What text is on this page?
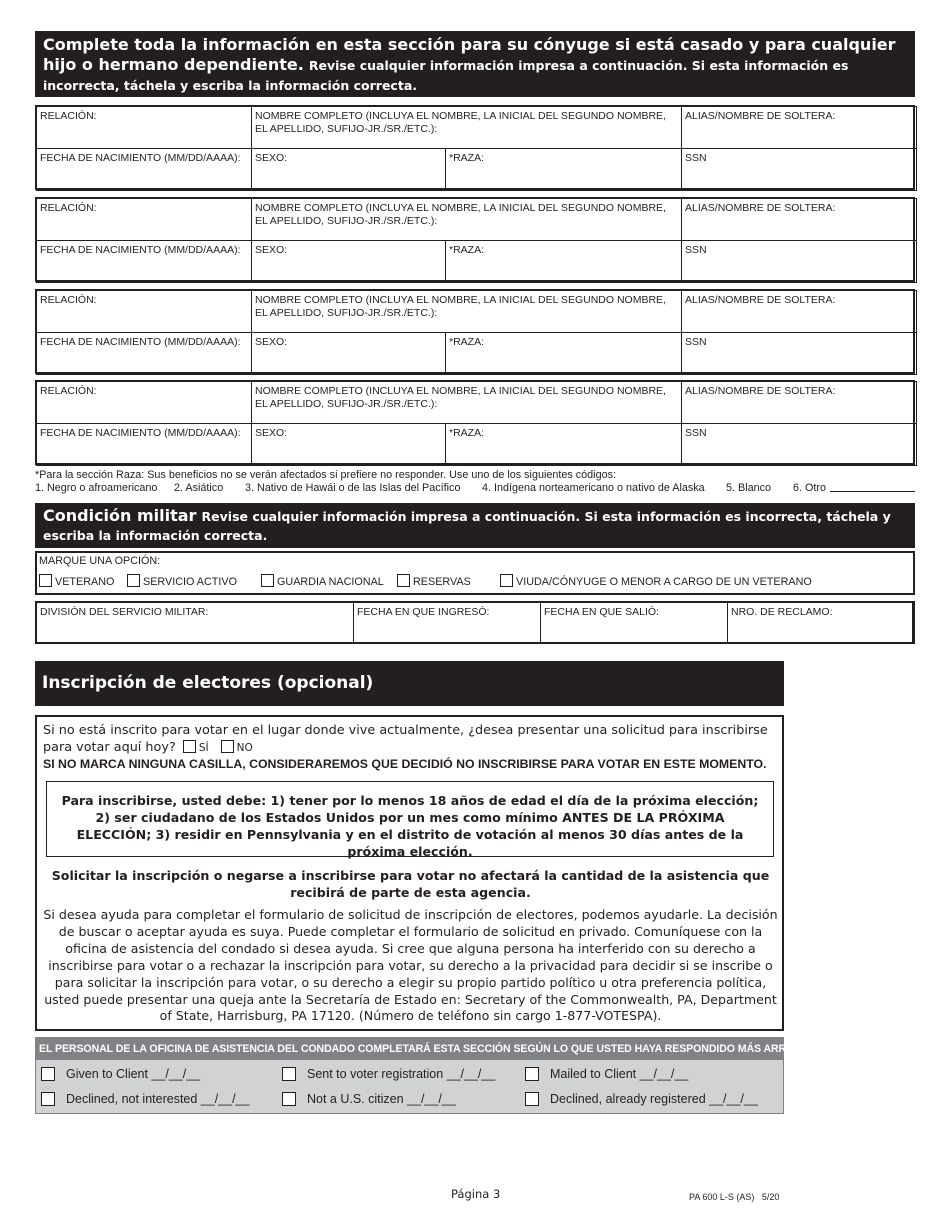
Complete toda la información en esta sección para su cónyuge si está casado y para cualquier hijo o hermano dependiente. Revise cualquier información impresa a continuación. Si esta información es incorrecta, táchela y escriba la información correcta.
RELACIÓN:	NOMBRE COMPLETO (INCLUYA EL NOMBRE, LA INICIAL DEL SEGUNDO NOMBRE, EL APELLIDO, SUFIJO-JR./SR./ETC.):		ALIAS/NOMBRE DE SOLTERA:
FECHA DE NACIMIENTO (MM/DD/AAAA):	SEXO:	*RAZA:	SSN
RELACIÓN:	NOMBRE COMPLETO (INCLUYA EL NOMBRE, LA INICIAL DEL SEGUNDO NOMBRE, EL APELLIDO, SUFIJO-JR./SR./ETC.):		ALIAS/NOMBRE DE SOLTERA:
FECHA DE NACIMIENTO (MM/DD/AAAA):	SEXO:	*RAZA:	SSN
RELACIÓN:	NOMBRE COMPLETO (INCLUYA EL NOMBRE, LA INICIAL DEL SEGUNDO NOMBRE, EL APELLIDO, SUFIJO-JR./SR./ETC.):		ALIAS/NOMBRE DE SOLTERA:
FECHA DE NACIMIENTO (MM/DD/AAAA):	SEXO:	*RAZA:	SSN
RELACIÓN:	NOMBRE COMPLETO (INCLUYA EL NOMBRE, LA INICIAL DEL SEGUNDO NOMBRE, EL APELLIDO, SUFIJO-JR./SR./ETC.):		ALIAS/NOMBRE DE SOLTERA:
FECHA DE NACIMIENTO (MM/DD/AAAA):	SEXO:	*RAZA:	SSN
*Para la sección Raza: Sus beneficios no se verán afectados si prefiere no responder. Use uno de los siguientes códigos:
1. Negro o afroamericano 2. Asiático 3. Nativo de Hawái o de las Islas del Pacífico 4. Indígena norteamericano o nativo de Alaska 5. Blanco 6. Otro
Condición militar Revise cualquier información impresa a continuación. Si esta información es incorrecta, táchela y escriba la información correcta.
MARQUE UNA OPCIÓN:
VETERANO	SERVICIO ACTIVO	GUARDIA NACIONAL	RESERVAS	VIUDA/CÓNYUGE O MENOR A CARGO DE UN VETERANO
DIVISIÓN DEL SERVICIO MILITAR:	FECHA EN QUE INGRESÓ:	FECHA EN QUE SALIÓ:	NRO. DE RECLAMO:
Inscripción de electores (opcional)
Si no está inscrito para votar en el lugar donde vive actualmente, ¿desea presentar una solicitud para inscribirse para votar aquí hoy? SÍ	NO
SI NO MARCA NINGUNA CASILLA, CONSIDERAREMOS QUE DECIDIÓ NO INSCRIBIRSE PARA VOTAR EN ESTE MOMENTO.
Para inscribirse, usted debe: 1) tener por lo menos 18 años de edad el día de la próxima elección; 2) ser ciudadano de los Estados Unidos por un mes como mínimo ANTES DE LA PRÓXIMA ELECCIÓN; 3) residir en Pennsylvania y en el distrito de votación al menos 30 días antes de la próxima elección.
Solicitar la inscripción o negarse a inscribirse para votar no afectará la cantidad de la asistencia que recibirá de parte de esta agencia.
Si desea ayuda para completar el formulario de solicitud de inscripción de electores, podemos ayudarle. La decisión de buscar o aceptar ayuda es suya. Puede completar el formulario de solicitud en privado. Comuníquese con la oficina de asistencia del condado si desea ayuda. Si cree que alguna persona ha interferido con su derecho a inscribirse para votar o a rechazar la inscripción para votar, su derecho a la privacidad para decidir si se inscribe o para solicitar la inscripción para votar, o su derecho a elegir su propio partido político u otra preferencia política, usted puede presentar una queja ante la Secretaría de Estado en: Secretary of the Commonwealth, PA, Department of State, Harrisburg, PA 17120. (Número de teléfono sin cargo 1-877-VOTESPA).
EL PERSONAL DE LA OFICINA DE ASISTENCIA DEL CONDADO COMPLETARÁ ESTA SECCIÓN SEGÚN LO QUE USTED HAYA RESPONDIDO MÁS ARRIBA
Given to Client __/__/__	Sent to voter registration __/__/__	Mailed to Client __/__/__
Declined, not interested __/__/__	Not a U.S. citizen __/__/__	Declined, already registered __/__/__
Página 3	PA 600 L-S (AS)   5/20
